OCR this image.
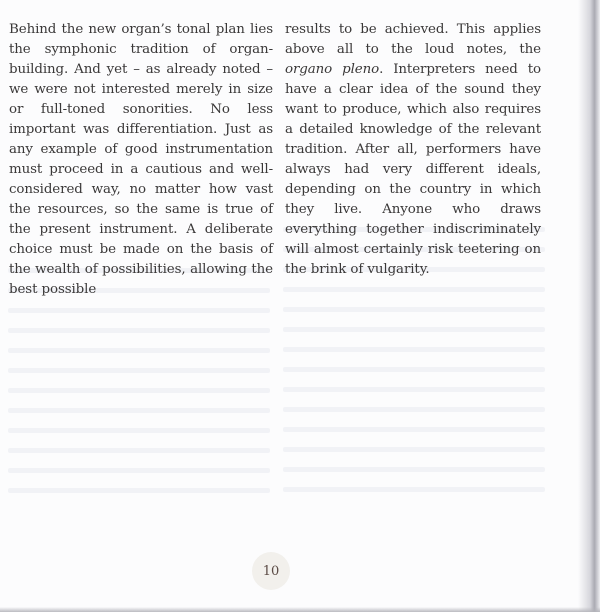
Behind the new organ’s tonal plan lies the symphonic tradition of organ-building. And yet – as already noted – we were not interested merely in size or full-toned sonorities. No less important was differentiation. Just as any example of good instrumentation must proceed in a cautious and well-considered way, no matter how vast the resources, so the same is true of the present instrument. A deliberate choice must be made on the basis of the wealth of possibilities, allowing the best possible

results to be achieved. This applies above all to the loud notes, the organo pleno. Interpreters need to have a clear idea of the sound they want to produce, which also requires a detailed knowledge of the relevant tradition. After all, performers have always had very different ideals, depending on the country in which they live. Anyone who draws everything together indiscriminately will almost certainly risk teetering on the brink of vulgarity.

10
